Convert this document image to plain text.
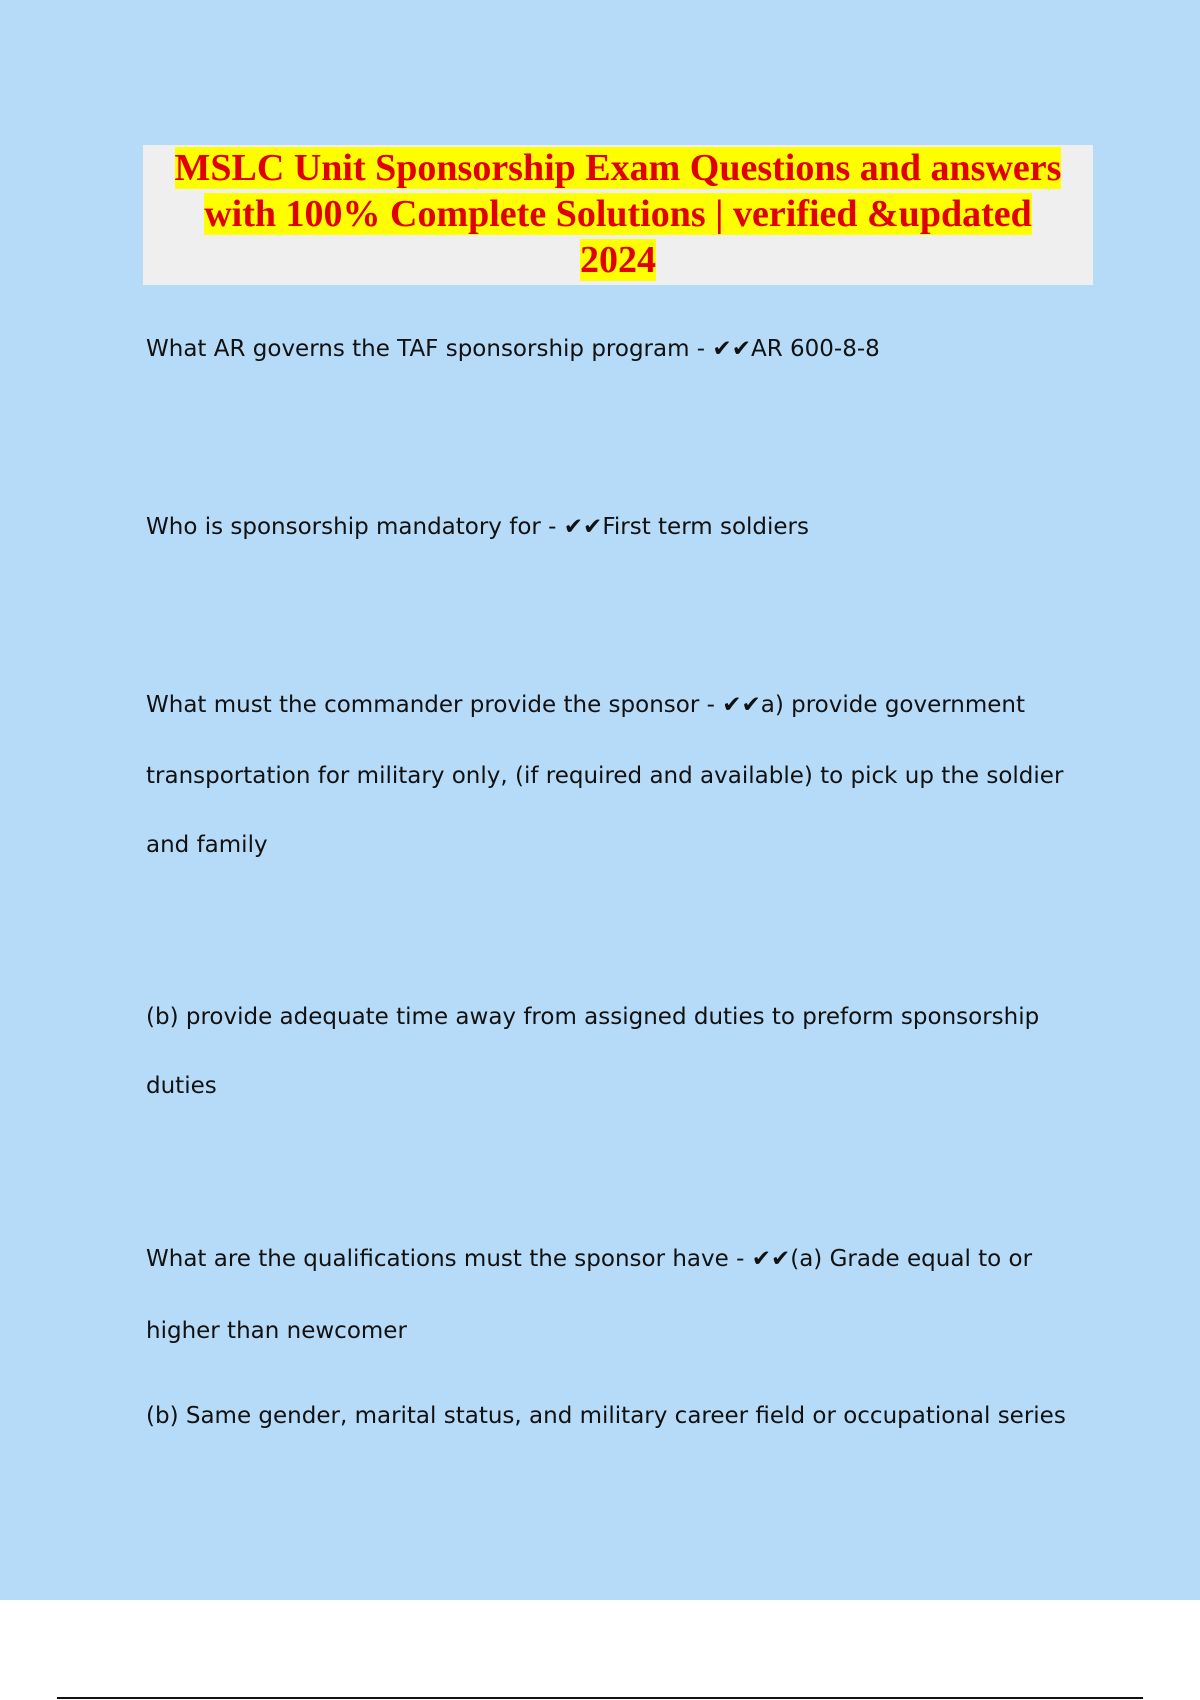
MSLC Unit Sponsorship Exam Questions and answers
with 100% Complete Solutions | verified &updated
2024

What AR governs the TAF sponsorship program - ✔✔AR 600-8-8

Who is sponsorship mandatory for - ✔✔First term soldiers

What must the commander provide the sponsor - ✔✔a) provide government

transportation for military only, (if required and available) to pick up the soldier

and family

(b) provide adequate time away from assigned duties to preform sponsorship

duties

What are the qualifications must the sponsor have - ✔✔(a) Grade equal to or

higher than newcomer

(b) Same gender, marital status, and military career field or occupational series
